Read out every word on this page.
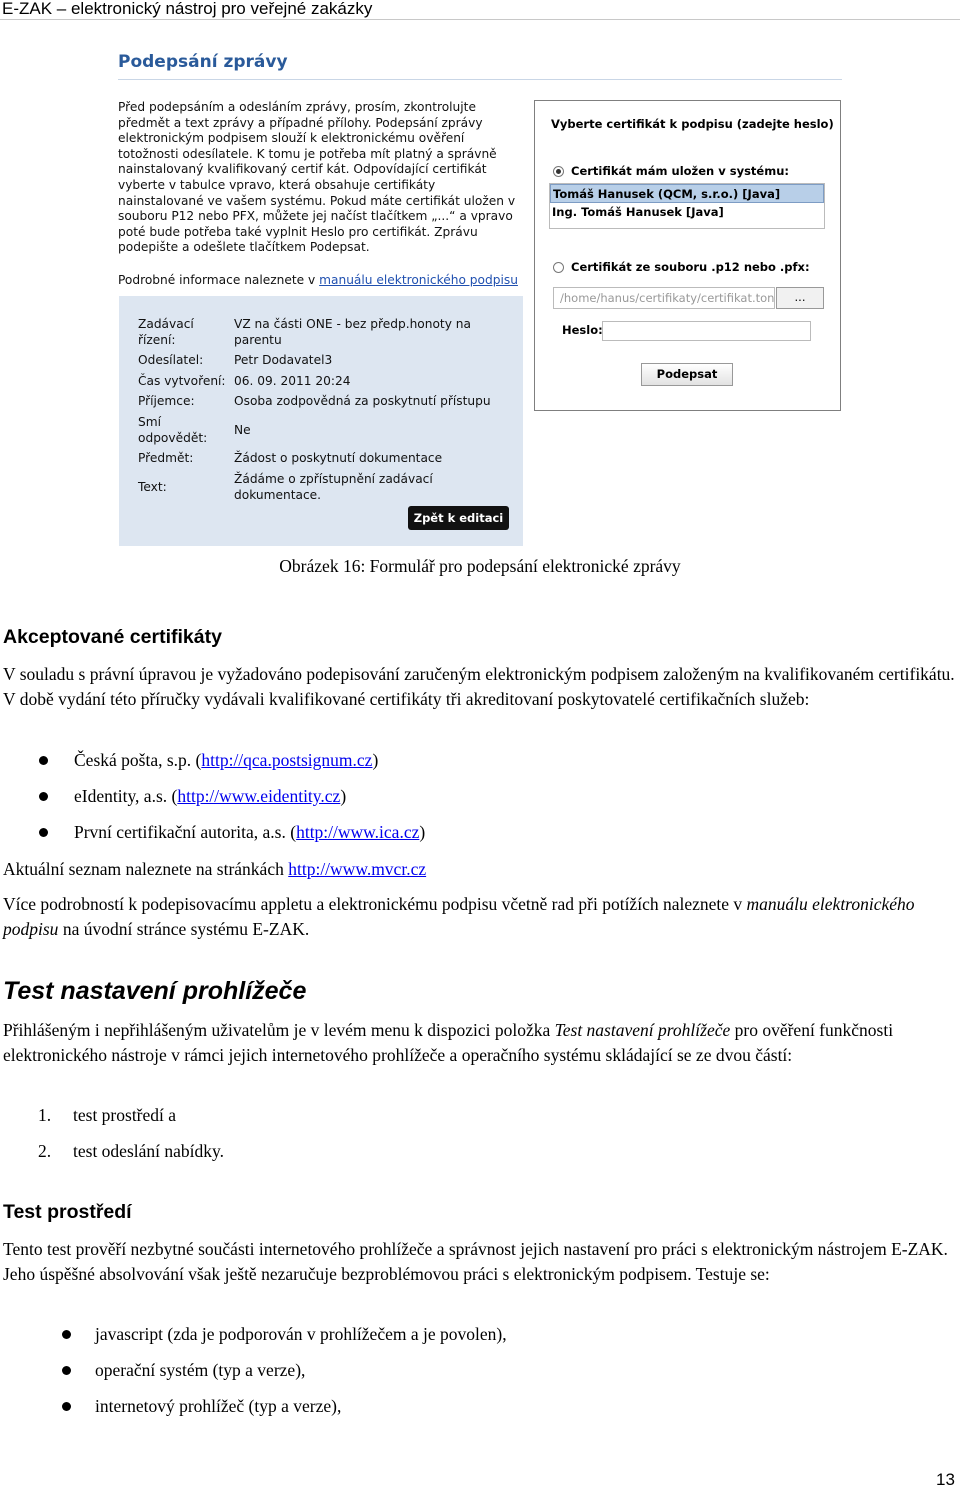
E-ZAK – elektronický nástroj pro veřejné zakázky
Podepsání zprávy
Před podepsáním a odesláním zprávy, prosím, zkontrolujte předmět a text zprávy a případné přílohy. Podepsání zprávy elektronickým podpisem slouží k elektronickému ověření totožnosti odesílatele. K tomu je potřeba mít platný a správně nainstalovaný kvalifikovaný certif kát. Odpovídající certifikát vyberte v tabulce vpravo, která obsahuje certifikáty nainstalované ve vašem systému. Pokud máte certifikát uložen v souboru P12 nebo PFX, můžete jej načíst tlačítkem „...“ a vpravo poté bude potřeba také vyplnit Heslo pro certifikát. Zprávu podepište a odešlete tlačítkem Podepsat.
Podrobné informace naleznete v manuálu elektronického podpisu
Zadávací řízení:
VZ na části ONE - bez předp.honoty na parentu
Odesílatel:	Petr Dodavatel3
Čas vytvoření: 06. 09. 2011 20:24
Příjemce:	Osoba zodpovědná za poskytnutí přístupu
Smí odpovědět:
Ne
Předmět:	Žádost o poskytnutí dokumentace
Text:
Žádáme o zpřístupnění zadávací dokumentace.
Zpět k editaci
Vyberte certifikát k podpisu (zadejte heslo)
Certifikát mám uložen v systému:
Tomáš Hanusek (QCM, s.r.o.) [Java]
Ing. Tomáš Hanusek [Java]
Certifikát ze souboru .p12 nebo .pfx:
/home/hanus/certifikaty/certifikat.ton	...
Heslo:
Podepsat
Obrázek 16: Formulář pro podepsání elektronické zprávy
Akceptované certifikáty
V souladu s právní úpravou je vyžadováno podepisování zaručeným elektronickým podpisem založeným na kvalifikovaném certifikátu. V době vydání této příručky vydávali kvalifikované certifikáty tři akreditovaní poskytovatelé certifikačních služeb:
Česká pošta, s.p. (http://qca.postsignum.cz)
eIdentity, a.s. (http://www.eidentity.cz)
První certifikační autorita, a.s. (http://www.ica.cz)
Aktuální seznam naleznete na stránkách http://www.mvcr.cz
Více podrobností k podepisovacímu appletu a elektronickému podpisu včetně rad při potížích naleznete v manuálu elektronického podpisu na úvodní stránce systému E-ZAK.
Test nastavení prohlížeče
Přihlášeným i nepřihlášeným uživatelům je v levém menu k dispozici položka Test nastavení prohlížeče pro ověření funkčnosti elektronického nástroje v rámci jejich internetového prohlížeče a operačního systému skládající se ze dvou částí:
1. test prostředí a
2. test odeslání nabídky.
Test prostředí
Tento test prověří nezbytné součásti internetového prohlížeče a správnost jejich nastavení pro práci s elektronickým nástrojem E-ZAK. Jeho úspěšné absolvování však ještě nezaručuje bezproblémovou práci s elektronickým podpisem. Testuje se:
javascript (zda je podporován v prohlížečem a je povolen),
operační systém (typ a verze),
internetový prohlížeč (typ a verze),
13
